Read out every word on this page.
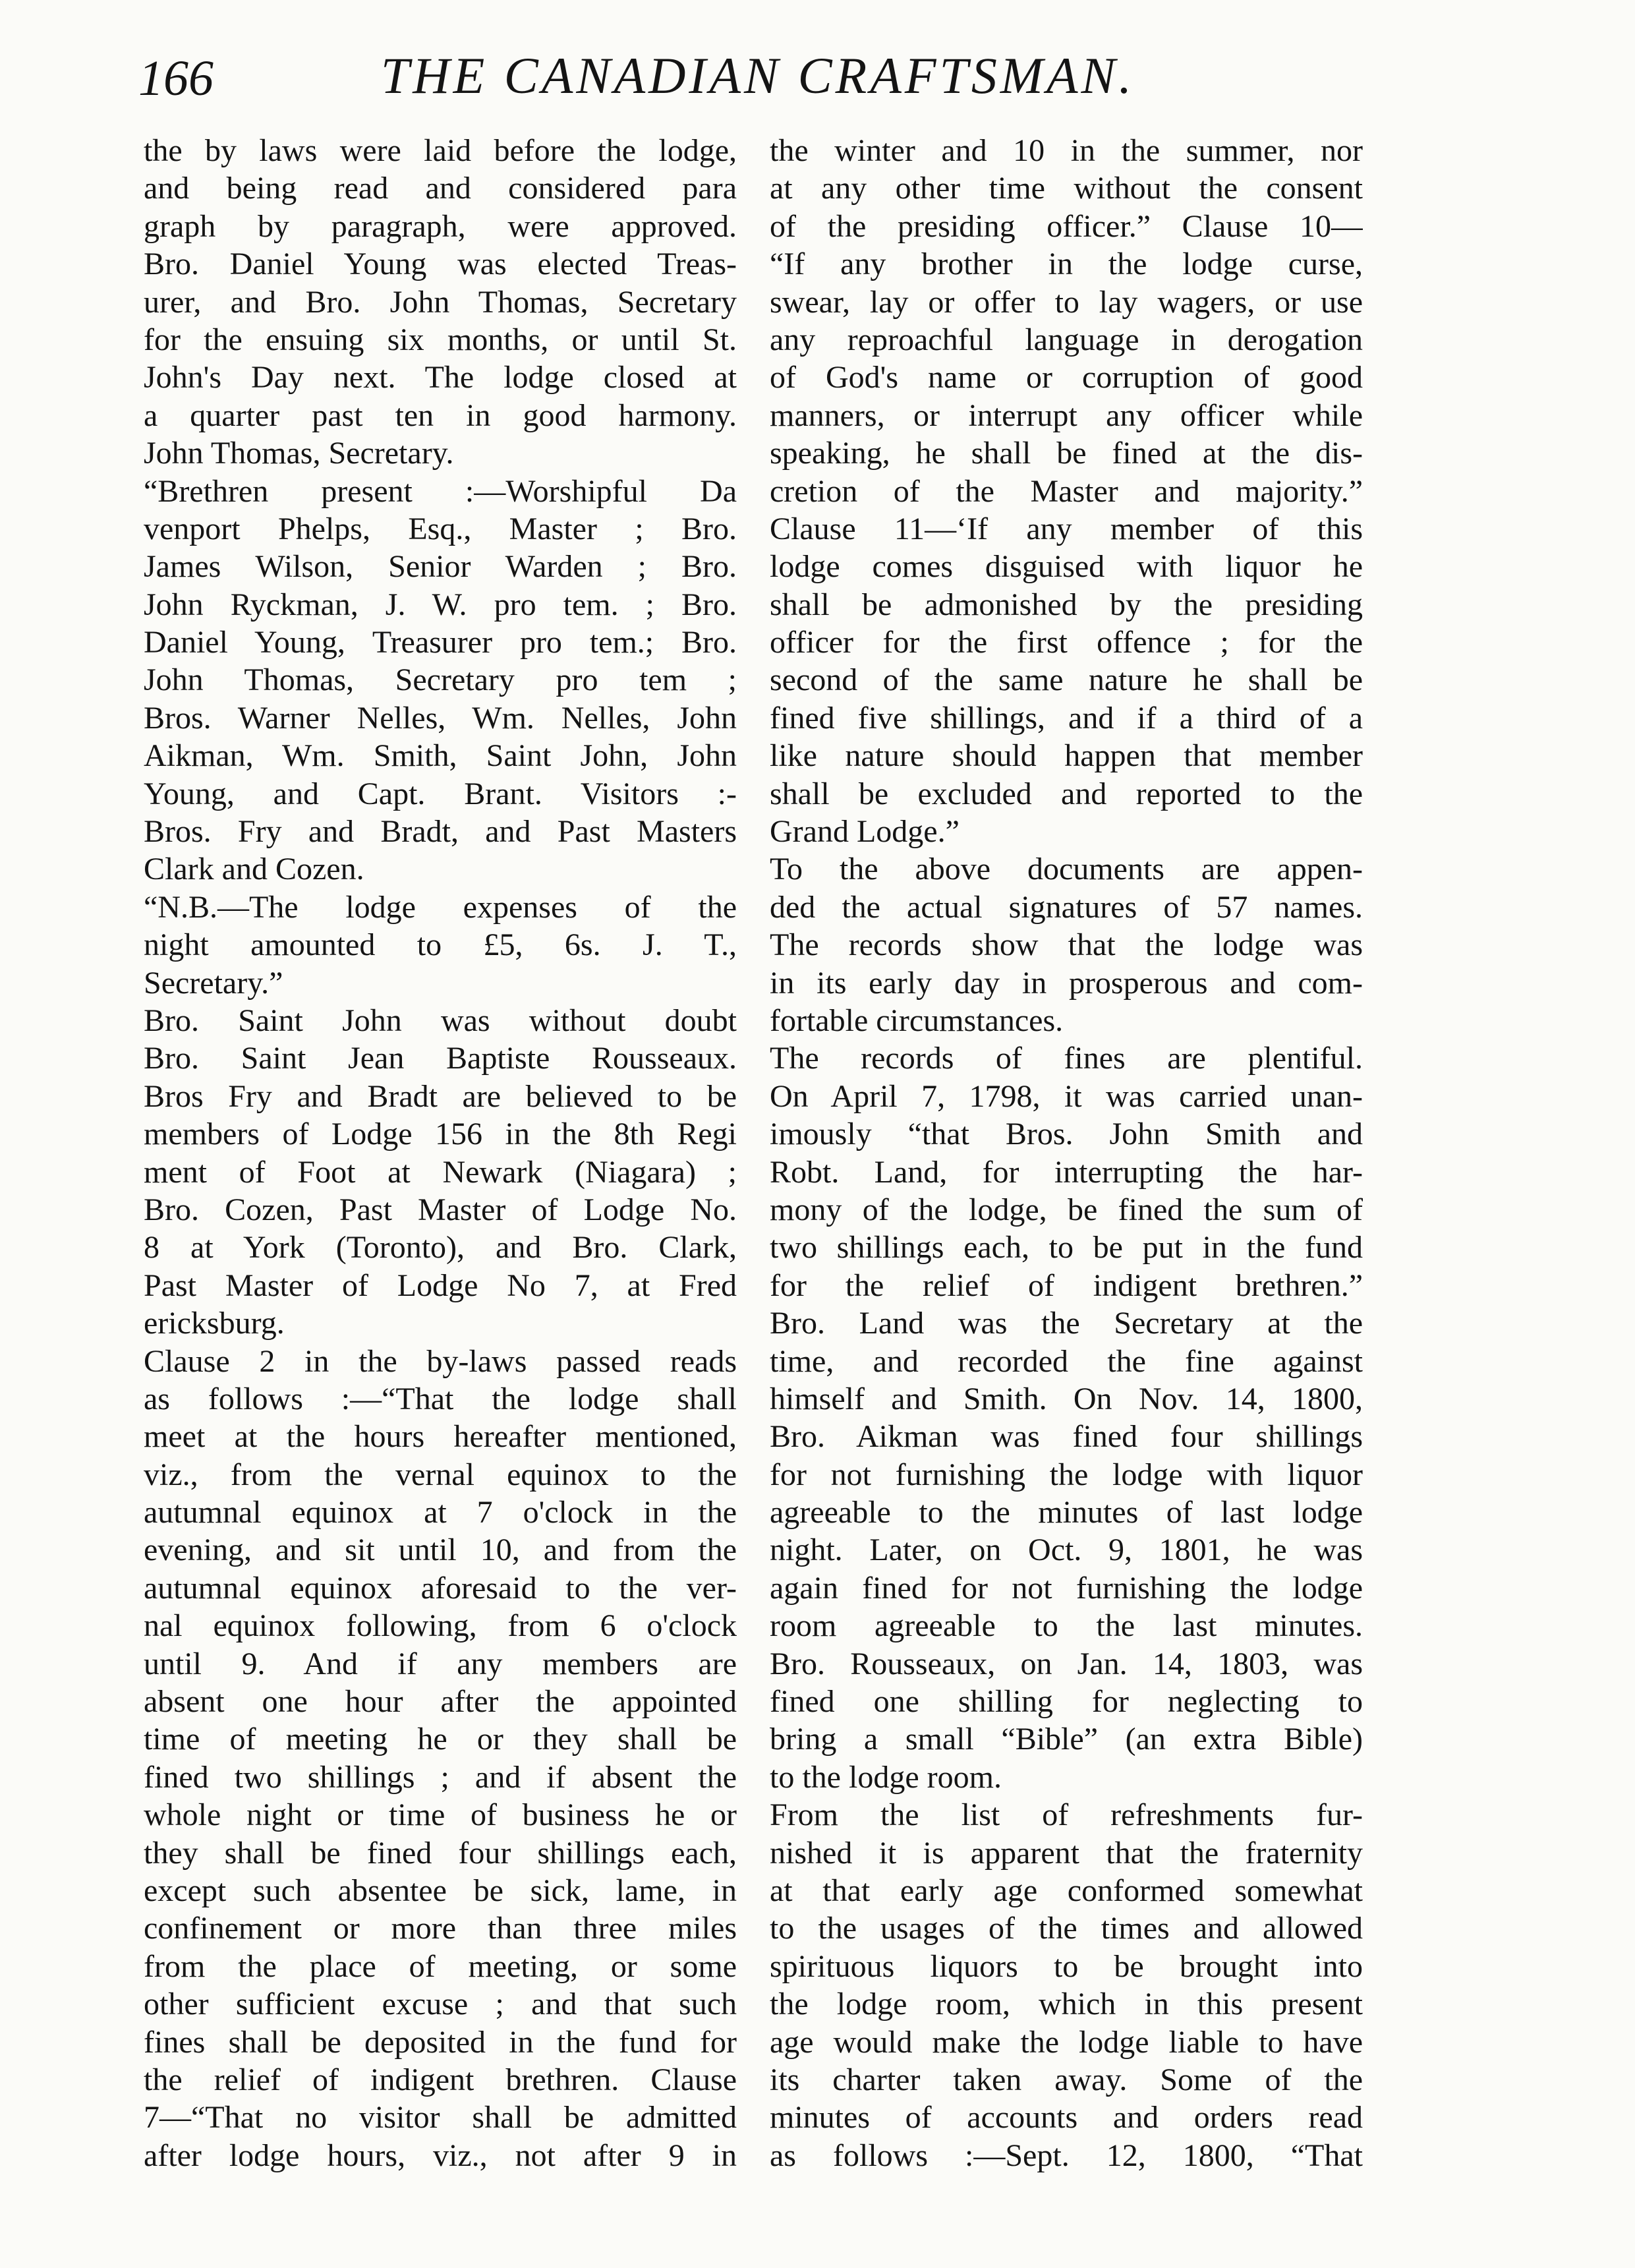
166	THE CANADIAN CRAFTSMAN.
the by laws were laid before the lodge,
and being read and considered para
graph by paragraph, were approved.
Bro. Daniel Young was elected Treas-
urer, and Bro. John Thomas, Secretary
for the ensuing six months, or until St.
John's Day next. The lodge closed at
a quarter past ten in good harmony.
John Thomas, Secretary.
“Brethren present :—Worshipful Da
venport Phelps, Esq., Master ; Bro.
James Wilson, Senior Warden ; Bro.
John Ryckman, J. W. pro tem. ; Bro.
Daniel Young, Treasurer pro tem.; Bro.
John Thomas, Secretary pro tem ;
Bros. Warner Nelles, Wm. Nelles, John
Aikman, Wm. Smith, Saint John, John
Young, and Capt. Brant. Visitors :-
Bros. Fry and Bradt, and Past Masters
Clark and Cozen.
“N.B.—The lodge expenses of the
night amounted to £5, 6s. J. T.,
Secretary.”
Bro. Saint John was without doubt
Bro. Saint Jean Baptiste Rousseaux.
Bros Fry and Bradt are believed to be
members of Lodge 156 in the 8th Regi
ment of Foot at Newark (Niagara) ;
Bro. Cozen, Past Master of Lodge No.
8 at York (Toronto), and Bro. Clark,
Past Master of Lodge No 7, at Fred
ericksburg.
Clause 2 in the by-laws passed reads
as follows :—“That the lodge shall
meet at the hours hereafter mentioned,
viz., from the vernal equinox to the
autumnal equinox at 7 o'clock in the
evening, and sit until 10, and from the
autumnal equinox aforesaid to the ver-
nal equinox following, from 6 o'clock
until 9. And if any members are
absent one hour after the appointed
time of meeting he or they shall be
fined two shillings ; and if absent the
whole night or time of business he or
they shall be fined four shillings each,
except such absentee be sick, lame, in
confinement or more than three miles
from the place of meeting, or some
other sufficient excuse ; and that such
fines shall be deposited in the fund for
the relief of indigent brethren. Clause
7—“That no visitor shall be admitted
after lodge hours, viz., not after 9 in
the winter and 10 in the summer, nor
at any other time without the consent
of the presiding officer.” Clause 10—
“If any brother in the lodge curse,
swear, lay or offer to lay wagers, or use
any reproachful language in derogation
of God's name or corruption of good
manners, or interrupt any officer while
speaking, he shall be fined at the dis-
cretion of the Master and majority.”
Clause 11—‘If any member of this
lodge comes disguised with liquor he
shall be admonished by the presiding
officer for the first offence ; for the
second of the same nature he shall be
fined five shillings, and if a third of a
like nature should happen that member
shall be excluded and reported to the
Grand Lodge.”
To the above documents are appen-
ded the actual signatures of 57 names.
The records show that the lodge was
in its early day in prosperous and com-
fortable circumstances.
The records of fines are plentiful.
On April 7, 1798, it was carried unan-
imously “that Bros. John Smith and
Robt. Land, for interrupting the har-
mony of the lodge, be fined the sum of
two shillings each, to be put in the fund
for the relief of indigent brethren.”
Bro. Land was the Secretary at the
time, and recorded the fine against
himself and Smith. On Nov. 14, 1800,
Bro. Aikman was fined four shillings
for not furnishing the lodge with liquor
agreeable to the minutes of last lodge
night. Later, on Oct. 9, 1801, he was
again fined for not furnishing the lodge
room agreeable to the last minutes.
Bro. Rousseaux, on Jan. 14, 1803, was
fined one shilling for neglecting to
bring a small “Bible” (an extra Bible)
to the lodge room.
From the list of refreshments fur-
nished it is apparent that the fraternity
at that early age conformed somewhat
to the usages of the times and allowed
spirituous liquors to be brought into
the lodge room, which in this present
age would make the lodge liable to have
its charter taken away. Some of the
minutes of accounts and orders read
as follows :—Sept. 12, 1800, “That
